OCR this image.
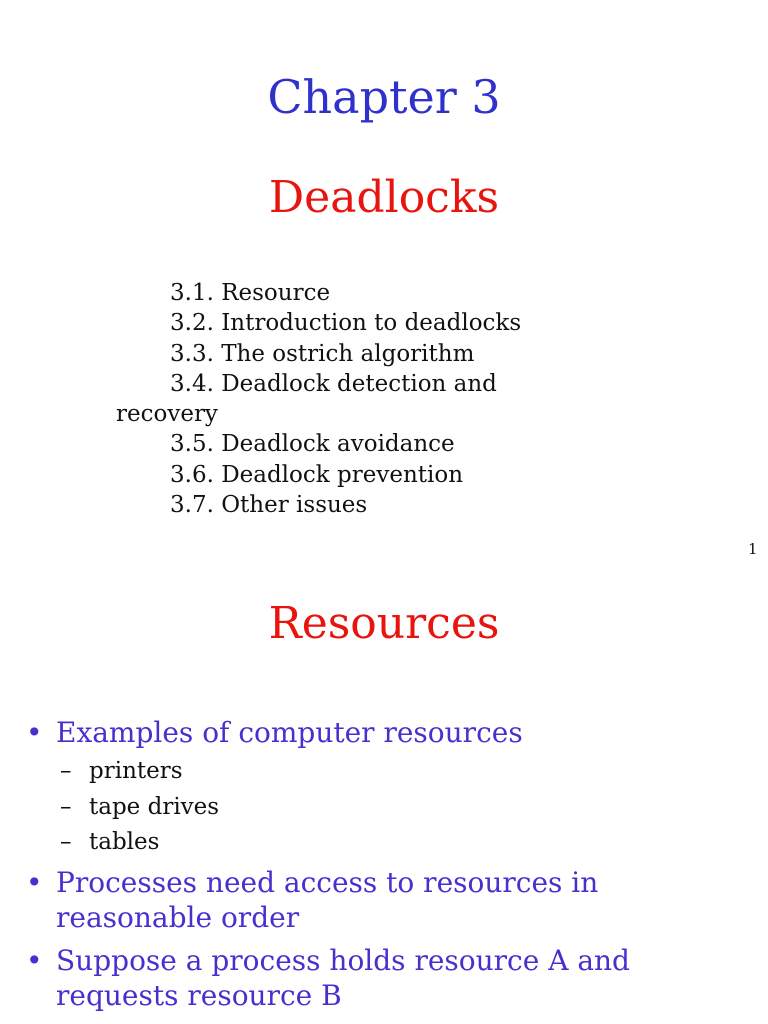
Chapter 3
Deadlocks
3.1. Resource
3.2. Introduction to deadlocks
3.3. The ostrich algorithm
3.4. Deadlock detection and recovery
3.5. Deadlock avoidance
3.6. Deadlock prevention
3.7. Other issues
1
Resources
• Examples of computer resources
– printers
– tape drives
– tables
• Processes need access to resources in
reasonable order
• Suppose a process holds resource A and
requests resource B
